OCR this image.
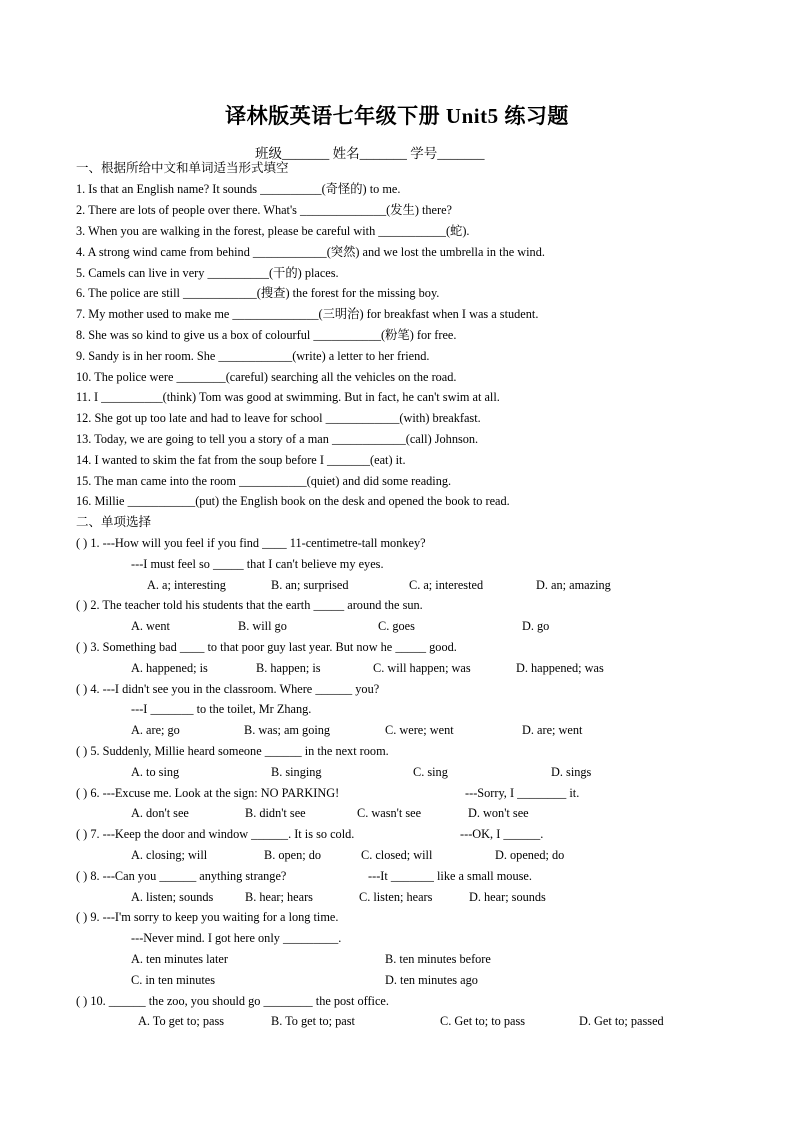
译林版英语七年级下册 Unit5 练习题
班级_______ 姓名_______ 学号_______
一、根据所给中文和单词适当形式填空
1. Is that an English name? It sounds __________(奇怪的) to me.
2. There are lots of people over there. What's ______________(发生) there?
3. When you are walking in the forest, please be careful with ___________(蛇).
4. A strong wind came from behind ____________(突然) and we lost the umbrella in the wind.
5. Camels can live in very __________(干的) places.
6. The police are still ____________(搜查) the forest for the missing boy.
7. My mother used to make me ______________(三明治) for breakfast when I was a student.
8. She was so kind to give us a box of colourful ___________(粉笔) for free.
9. Sandy is in her room. She ____________(write) a letter to her friend.
10. The police were ________(careful) searching all the vehicles on the road.
11. I __________(think) Tom was good at swimming. But in fact, he can't swim at all.
12. She got up too late and had to leave for school ____________(with) breakfast.
13. Today, we are going to tell you a story of a man ____________(call) Johnson.
14. I wanted to skim the fat from the soup before I _______(eat) it.
15. The man came into the room ___________(quiet) and did some reading.
16. Millie ___________(put) the English book on the desk and opened the book to read.
二、单项选择
( ) 1. ---How will you feel if you find ____ 11-centimetre-tall monkey?
---I must feel so _____ that I can't believe my eyes.
A. a; interesting	B. an; surprised	C. a; interested	D. an; amazing
( ) 2. The teacher told his students that the earth _____ around the sun.
A. went	B. will go	C. goes	D. go
( ) 3. Something bad ____ to that poor guy last year. But now he _____ good.
A. happened; is	B. happen; is	C. will happen; was	D. happened; was
( ) 4. ---I didn't see you in the classroom. Where ______ you?
---I _______ to the toilet, Mr Zhang.
A. are; go	B. was; am going	C. were; went	D. are; went
( ) 5. Suddenly, Millie heard someone ______ in the next room.
A. to sing	B. singing	C. sing	D. sings
( ) 6. ---Excuse me. Look at the sign: NO PARKING!	---Sorry, I ________ it.
A. don't see	B. didn't see	C. wasn't see	D. won't see
( ) 7. ---Keep the door and window ______. It is so cold.	---OK, I ______.
A. closing; will	B. open; do	C. closed; will	D. opened; do
( ) 8. ---Can you ______ anything strange?	---It _______ like a small mouse.
A. listen; sounds	B. hear; hears	C. listen; hears	D. hear; sounds
( ) 9. ---I'm sorry to keep you waiting for a long time.
---Never mind. I got here only _________.
A. ten minutes later	B. ten minutes before
C. in ten minutes	D. ten minutes ago
( ) 10. ______ the zoo, you should go ________ the post office.
A. To get to; pass	B. To get to; past	C. Get to; to pass	D. Get to; passed
